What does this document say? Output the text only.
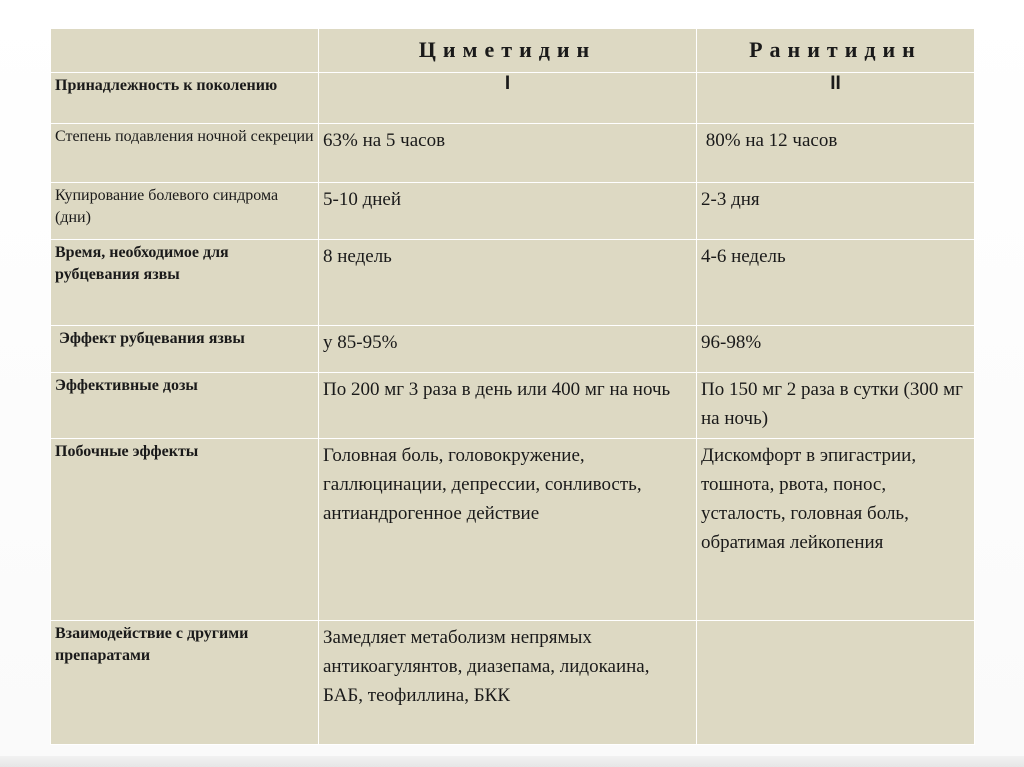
	Циметидин	Ранитидин
Принадлежность к поколению	I	II
Степень подавления ночной секреции	63% на 5 часов	80% на 12 часов
Купирование болевого синдрома (дни)	5-10 дней	2-3 дня
Время, необходимое для рубцевания язвы	8 недель	4-6 недель
Эффект рубцевания язвы	у 85-95%	96-98%
Эффективные дозы	По 200 мг 3 раза в день или 400 мг на ночь	По 150 мг 2 раза в сутки (300 мг на ночь)
Побочные эффекты	Головная боль, головокружение, галлюцинации, депрессии, сонливость, антиандрогенное действие	Дискомфорт в эпигастрии, тошнота, рвота, понос, усталость, головная боль, обратимая лейкопения
Взаимодействие с другими препаратами	Замедляет метаболизм непрямых антикоагулянтов, диазепама, лидокаина, БАБ, теофиллина, БКК	
